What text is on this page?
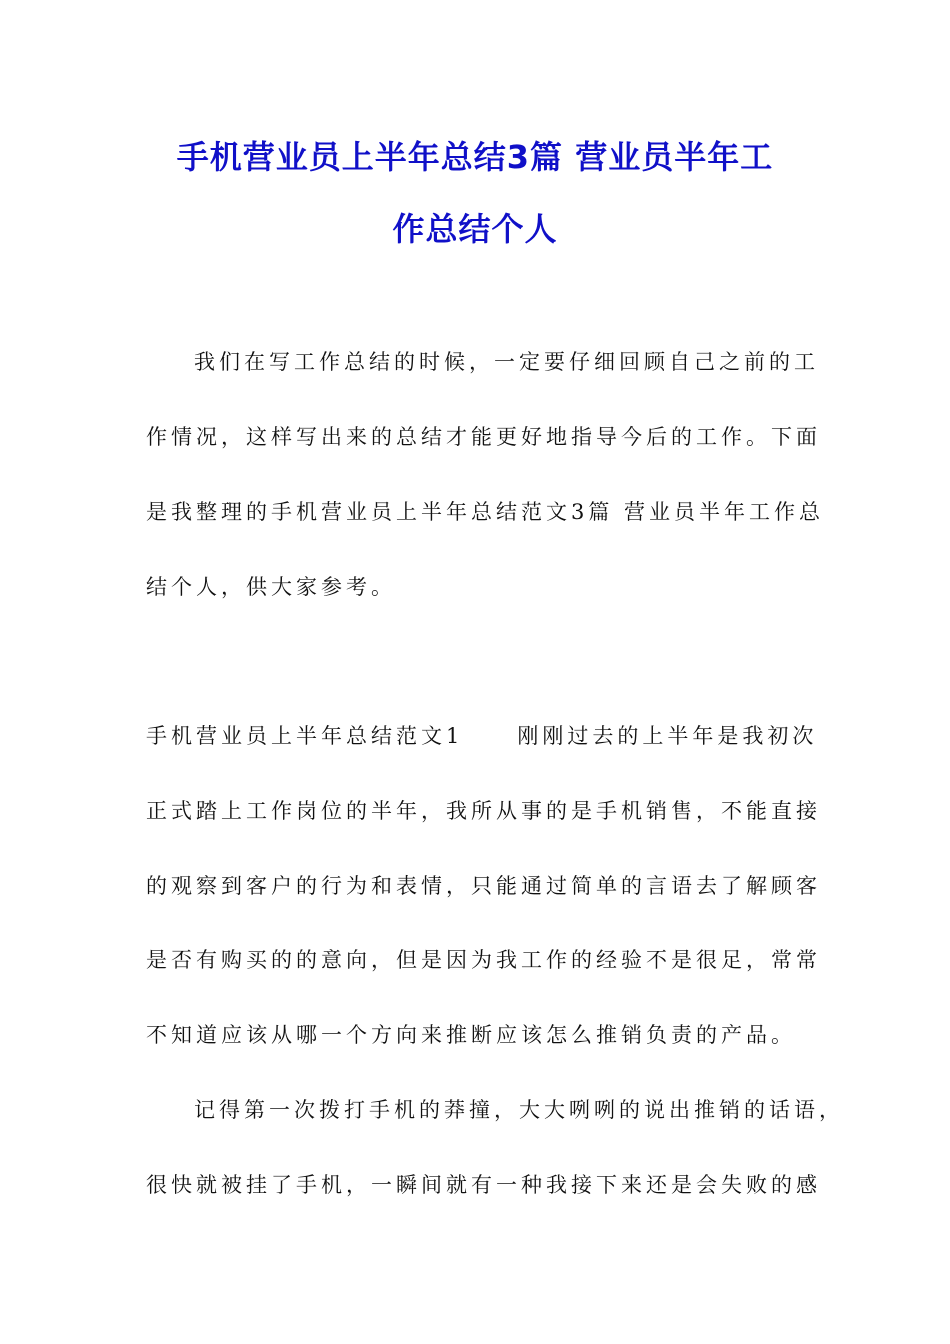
手机营业员上半年总结3篇 营业员半年工
作总结个人
我们在写工作总结的时候，一定要仔细回顾自己之前的工
作情况，这样写出来的总结才能更好地指导今后的工作。下面
是我整理的手机营业员上半年总结范文3篇 营业员半年工作总
结个人，供大家参考。
手机营业员上半年总结范文1	刚刚过去的上半年是我初次
正式踏上工作岗位的半年，我所从事的是手机销售，不能直接
的观察到客户的行为和表情，只能通过简单的言语去了解顾客
是否有购买的的意向，但是因为我工作的经验不是很足，常常
不知道应该从哪一个方向来推断应该怎么推销负责的产品。
记得第一次拨打手机的莽撞，大大咧咧的说出推销的话语，
很快就被挂了手机，一瞬间就有一种我接下来还是会失败的感
